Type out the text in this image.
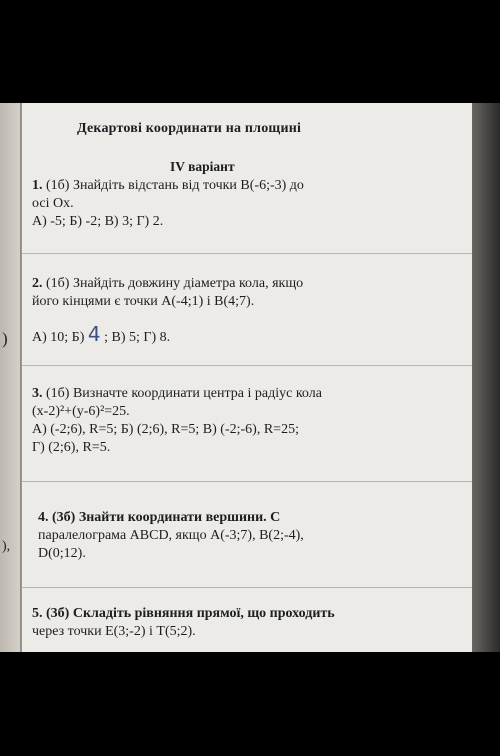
)
),
Декартові координати на площині
IV варіант
1. (1б) Знайдіть відстань від точки В(-6;-3) до
осі Ox.
А) -5; Б) -2; В) 3; Г) 2.
2. (1б) Знайдіть довжину діаметра кола, якщо
його кінцями є точки А(-4;1) і В(4;7).
А) 10; Б) 4 ; В) 5; Г) 8.
3. (1б) Визначте координати центра і радіус кола
(x-2)²+(y-6)²=25.
А) (-2;6), R=5; Б) (2;6), R=5; В) (-2;-6), R=25;
Г) (2;6), R=5.
4. (3б) Знайти координати вершини. С
паралелограма ABCD, якщо А(-3;7), В(2;-4),
D(0;12).
5. (3б) Складіть рівняння прямої, що проходить
через точки Е(3;-2) і Т(5;2).
